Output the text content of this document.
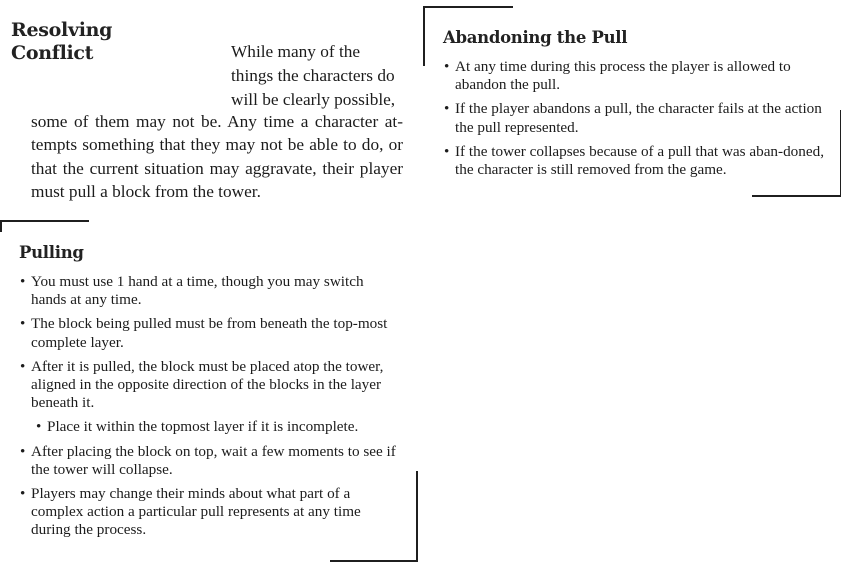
Resolving
Conflict	While many of the
things the characters do
will be clearly possible,

some of them may not be. Any time a character at-tempts something that they may not be able to do, or that the current situation may aggravate, their player must pull a block from the tower.

Pulling
• You must use 1 hand at a time, though you may switch hands at any time.
• The block being pulled must be from beneath the top-most complete layer.
• After it is pulled, the block must be placed atop the tower, aligned in the opposite direction of the blocks in the layer beneath it.
• Place it within the topmost layer if it is incomplete.
• After placing the block on top, wait a few moments to see if the tower will collapse.
• Players may change their minds about what part of a complex action a particular pull represents at any time during the process.
Abandoning the Pull
• At any time during this process the player is allowed to abandon the pull.
• If the player abandons a pull, the character fails at the action the pull represented.
• If the tower collapses because of a pull that was aban-doned, the character is still removed from the game.
